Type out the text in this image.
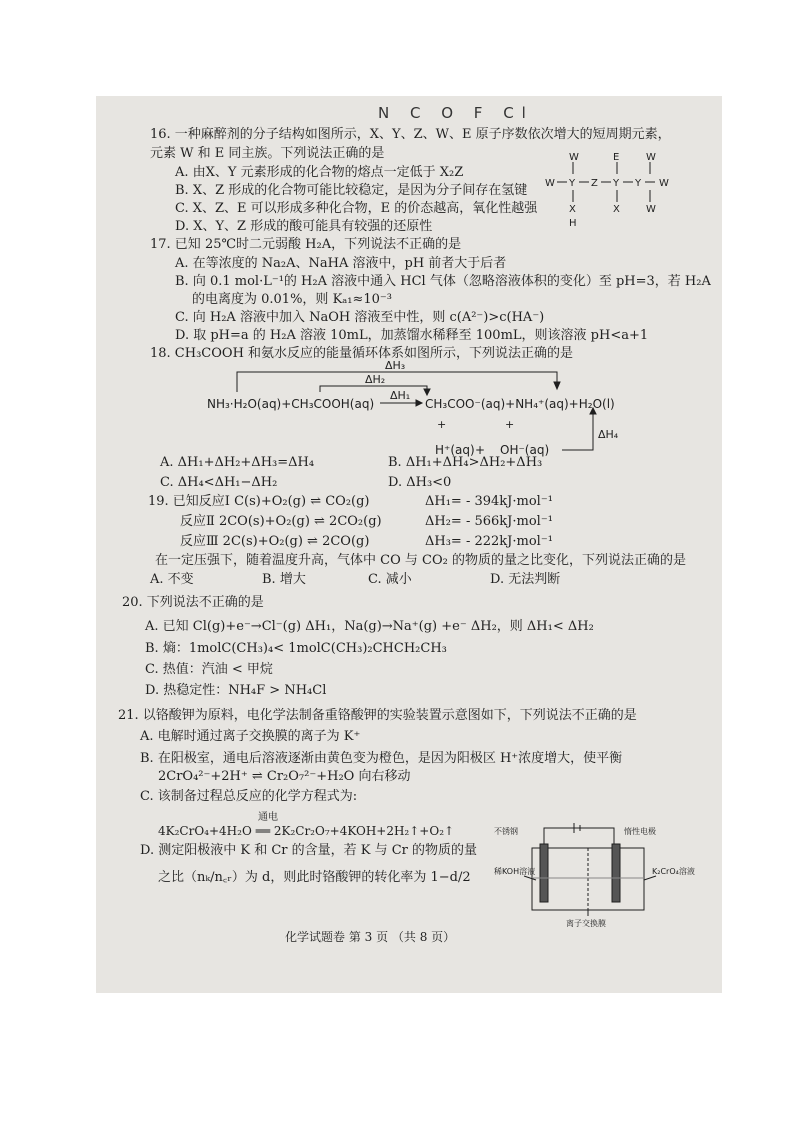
N C O F Cl
16. 一种麻醉剂的分子结构如图所示，X、Y、Z、W、E 原子序数依次增大的短周期元素，
元素 W 和 E 同主族。下列说法正确的是
A. 由X、Y 元素形成的化合物的熔点一定低于 X₂Z
B. X、Z 形成的化合物可能比较稳定，是因为分子间存在氢键
C. X、Z、E 可以形成多种化合物，E 的价态越高，氧化性越强
D. X、Y、Z 形成的酸可能具有较强的还原性
W
W Y Z Y Y W
E	W
X	X	W
H
17. 已知 25℃时二元弱酸 H₂A，下列说法不正确的是
A. 在等浓度的 Na₂A、NaHA 溶液中，pH 前者大于后者
B. 向 0.1 mol·L⁻¹的 H₂A 溶液中通入 HCl 气体（忽略溶液体积的变化）至 pH=3，若 H₂A
的电离度为 0.01%，则 Kₐ₁≈10⁻³
C. 向 H₂A 溶液中加入 NaOH 溶液至中性，则 c(A²⁻)>c(HA⁻)
D. 取 pH=a 的 H₂A 溶液 10mL，加蒸馏水稀释至 100mL，则该溶液 pH<a+1
18. CH₃COOH 和氨水反应的能量循环体系如图所示，下列说法正确的是
ΔH₃
ΔH₂
ΔH₁
ΔH₄
NH₃·H₂O(aq)+CH₃COOH(aq)	CH₃COO⁻(aq)+NH₄⁺(aq)+H₂O(l)
+	+
H⁺(aq) + OH⁻(aq)
A. ΔH₁+ΔH₂+ΔH₃=ΔH₄	B. ΔH₁+ΔH₄>ΔH₂+ΔH₃
C. ΔH₄<ΔH₁−ΔH₂	D. ΔH₃<0
19. 已知反应Ⅰ C(s)+O₂(g) ⇌ CO₂(g)	ΔH₁= - 394kJ·mol⁻¹
反应Ⅱ 2CO(s)+O₂(g) ⇌ 2CO₂(g)	ΔH₂= - 566kJ·mol⁻¹
反应Ⅲ 2C(s)+O₂(g) ⇌ 2CO(g)	ΔH₃= - 222kJ·mol⁻¹
在一定压强下，随着温度升高，气体中 CO 与 CO₂ 的物质的量之比变化，下列说法正确的是
A. 不变	B. 增大	C. 减小	D. 无法判断
20. 下列说法不正确的是
A. 已知 Cl(g)+e⁻→Cl⁻(g) ΔH₁，Na(g)→Na⁺(g) +e⁻ ΔH₂，则 ΔH₁< ΔH₂
B. 熵：1molC(CH₃)₄< 1molC(CH₃)₂CHCH₂CH₃
C. 热值：汽油 < 甲烷
D. 热稳定性：NH₄F > NH₄Cl
21. 以铬酸钾为原料，电化学法制备重铬酸钾的实验装置示意图如下，下列说法不正确的是
A. 电解时通过离子交换膜的离子为 K⁺
B. 在阳极室，通电后溶液逐渐由黄色变为橙色，是因为阳极区 H⁺浓度增大，使平衡
2CrO₄²⁻+2H⁺ ⇌ Cr₂O₇²⁻+H₂O 向右移动
C. 该制备过程总反应的化学方程式为:
4K₂CrO₄+4H₂O ══ 2K₂Cr₂O₇+4KOH+2H₂↑+O₂↑
通电
D. 测定阳极液中 K 和 Cr 的含量，若 K 与 Cr 的物质的量
之比（nₖ/n꜀ᵣ）为 d，则此时铬酸钾的转化率为 1−d/2
不锈钢	惰性电极
稀KOH溶液	K₂CrO₄溶液
离子交换膜
化学试题卷 第 3 页 （共 8 页）
